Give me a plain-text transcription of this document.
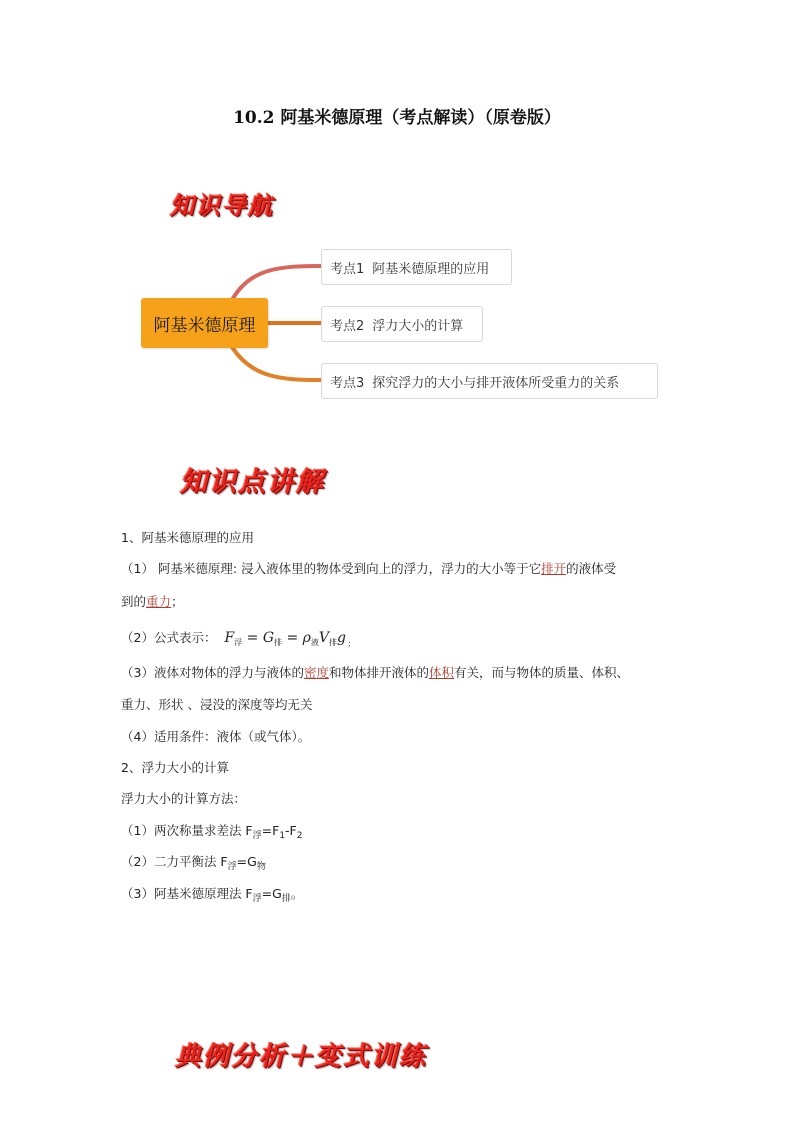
10.2 阿基米德原理（考点解读）（原卷版）
知识导航
阿基米德原理
考点1 阿基米德原理的应用
考点2 浮力大小的计算
考点3 探究浮力的大小与排开液体所受重力的关系
知识点讲解
1、阿基米德原理的应用
（1） 阿基米德原理: 浸入液体里的物体受到向上的浮力，浮力的大小等于它排开的液体受
到的重力；
（2）公式表示： $F_浮 = G_排 = \rho_液V_排g$ $_;$
（3）液体对物体的浮力与液体的密度和物体排开液体的体积有关，而与物体的质量、体积、
重力、形状 、浸没的深度等均无关
（4）适用条件：液体（或气体）。
2、浮力大小的计算
浮力大小的计算方法：
（1）两次称量求差法 $F_浮=F_1-F_2$
（2）二力平衡法 $F_浮=G_物$
（3）阿基米德原理法 $F_浮=G_排$。
典例分析＋变式训练
